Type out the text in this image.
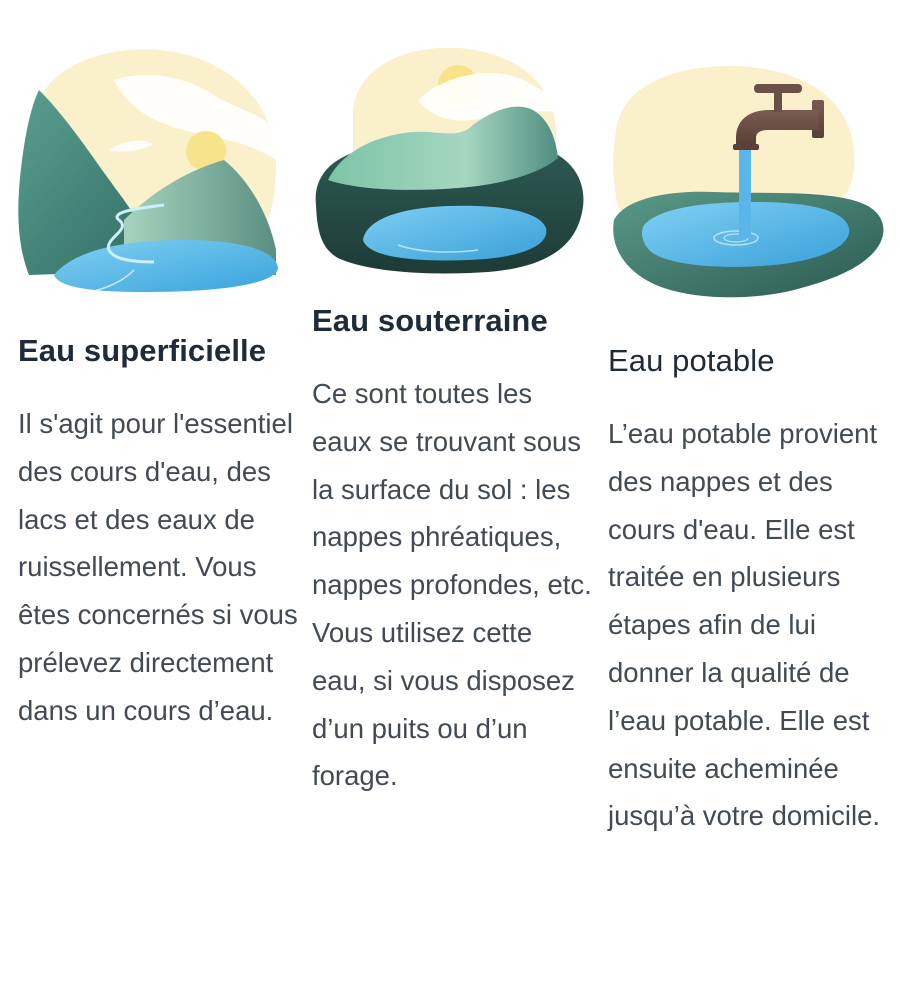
Eau superficielle

Il s'agit pour l'essentiel des cours d'eau, des lacs et des eaux de ruissellement. Vous êtes concernés si vous prélevez directement dans un cours d’eau.

Eau souterraine

Ce sont toutes les eaux se trouvant sous la surface du sol : les nappes phréatiques, nappes profondes, etc. Vous utilisez cette eau, si vous disposez d’un puits ou d’un forage.

Eau potable

L’eau potable provient des nappes et des cours d'eau. Elle est traitée en plusieurs étapes afin de lui donner la qualité de l’eau potable. Elle est ensuite acheminée jusqu’à votre domicile.
